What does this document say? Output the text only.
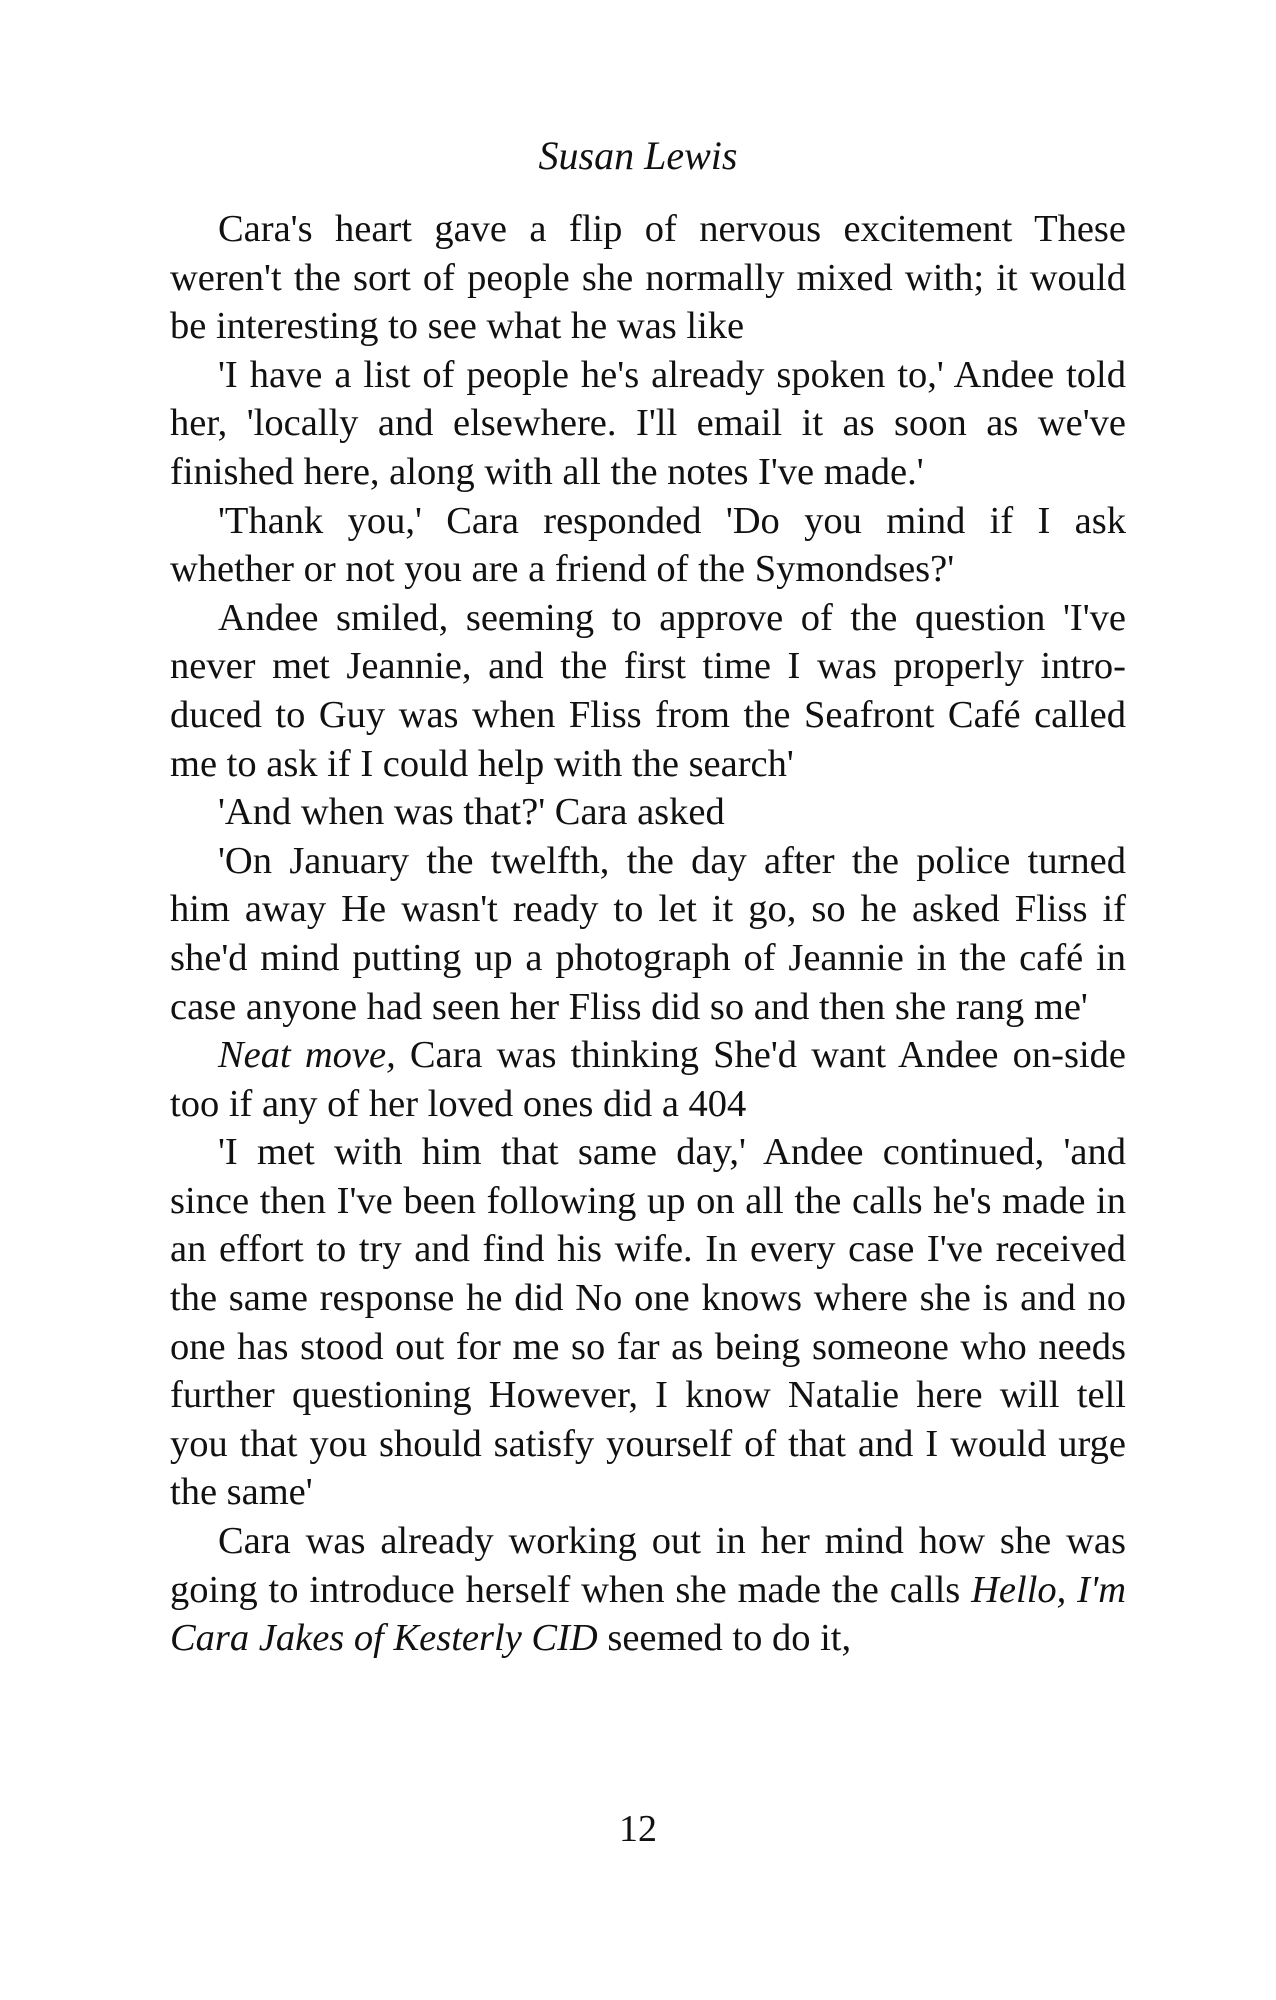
Susan Lewis

Cara's heart gave a flip of nervous excitement These weren't the sort of people she normally mixed with; it would be interesting to see what he was like

'I have a list of people he's already spoken to,' Andee told her, 'locally and elsewhere. I'll email it as soon as we've finished here, along with all the notes I've made.'

'Thank you,' Cara responded 'Do you mind if I ask whether or not you are a friend of the Symondses?'

Andee smiled, seeming to approve of the question 'I've never met Jeannie, and the first time I was properly introduced to Guy was when Fliss from the Seafront Café called me to ask if I could help with the search'

'And when was that?' Cara asked

'On January the twelfth, the day after the police turned him away He wasn't ready to let it go, so he asked Fliss if she'd mind putting up a photograph of Jeannie in the café in case anyone had seen her Fliss did so and then she rang me'

Neat move, Cara was thinking She'd want Andee on-side too if any of her loved ones did a 404

'I met with him that same day,' Andee continued, 'and since then I've been following up on all the calls he's made in an effort to try and find his wife. In every case I've received the same response he did No one knows where she is and no one has stood out for me so far as being someone who needs further questioning However, I know Natalie here will tell you that you should satisfy yourself of that and I would urge the same'

Cara was already working out in her mind how she was going to introduce herself when she made the calls Hello, I'm Cara Jakes of Kesterly CID seemed to do it,

12
